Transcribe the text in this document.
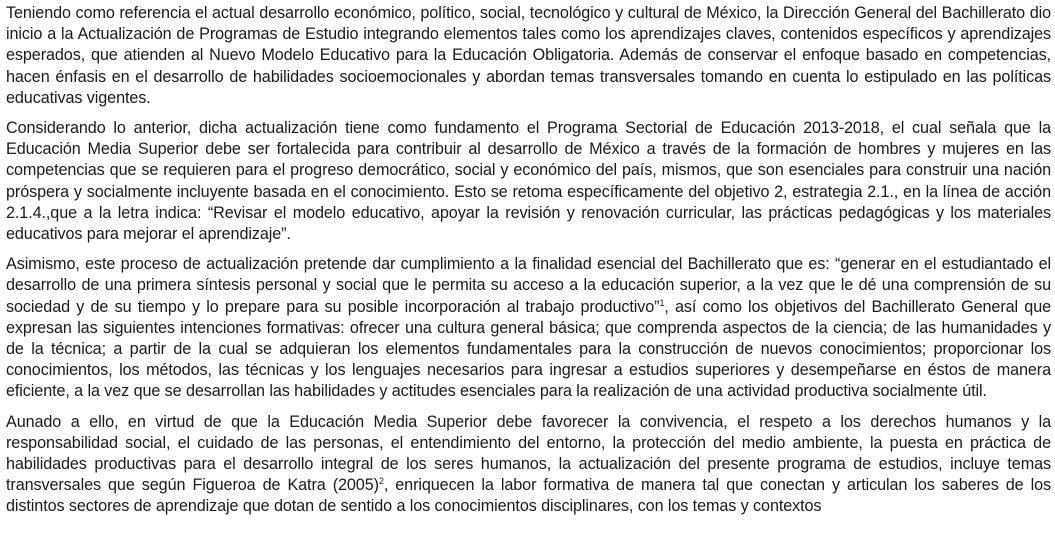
Teniendo como referencia el actual desarrollo económico, político, social, tecnológico y cultural de México, la Dirección General del Bachillerato dio inicio a la Actualización de Programas de Estudio integrando elementos tales como los aprendizajes claves, contenidos específicos y aprendizajes esperados, que atienden al Nuevo Modelo Educativo para la Educación Obligatoria. Además de conservar el enfoque basado en competencias, hacen énfasis en el desarrollo de habilidades socioemocionales y abordan temas transversales tomando en cuenta lo estipulado en las políticas educativas vigentes.

Considerando lo anterior, dicha actualización tiene como fundamento el Programa Sectorial de Educación 2013-2018, el cual señala que la Educación Media Superior debe ser fortalecida para contribuir al desarrollo de México a través de la formación de hombres y mujeres en las competencias que se requieren para el progreso democrático, social y económico del país, mismos, que son esenciales para construir una nación próspera y socialmente incluyente basada en el conocimiento. Esto se retoma específicamente del objetivo 2, estrategia 2.1., en la línea de acción 2.1.4.,que a la letra indica: “Revisar el modelo educativo, apoyar la revisión y renovación curricular, las prácticas pedagógicas y los materiales educativos para mejorar el aprendizaje”.

Asimismo, este proceso de actualización pretende dar cumplimiento a la finalidad esencial del Bachillerato que es: “generar en el estudiantado el desarrollo de una primera síntesis personal y social que le permita su acceso a la educación superior, a la vez que le dé una comprensión de su sociedad y de su tiempo y lo prepare para su posible incorporación al trabajo productivo”$^1$, así como los objetivos del Bachillerato General que expresan las siguientes intenciones formativas: ofrecer una cultura general básica; que comprenda aspectos de la ciencia; de las humanidades y de la técnica; a partir de la cual se adquieran los elementos fundamentales para la construcción de nuevos conocimientos; proporcionar los conocimientos, los métodos, las técnicas y los lenguajes necesarios para ingresar a estudios superiores y desempeñarse en éstos de manera eficiente, a la vez que se desarrollan las habilidades y actitudes esenciales para la realización de una actividad productiva socialmente útil.

Aunado a ello, en virtud de que la Educación Media Superior debe favorecer la convivencia, el respeto a los derechos humanos y la responsabilidad social, el cuidado de las personas, el entendimiento del entorno, la protección del medio ambiente, la puesta en práctica de habilidades productivas para el desarrollo integral de los seres humanos, la actualización del presente programa de estudios, incluye temas transversales que según Figueroa de Katra $(2005)^2$, enriquecen la labor formativa de manera tal que conectan y articulan los saberes de los distintos sectores de aprendizaje que dotan de sentido a los conocimientos disciplinares, con los temas y contextos
